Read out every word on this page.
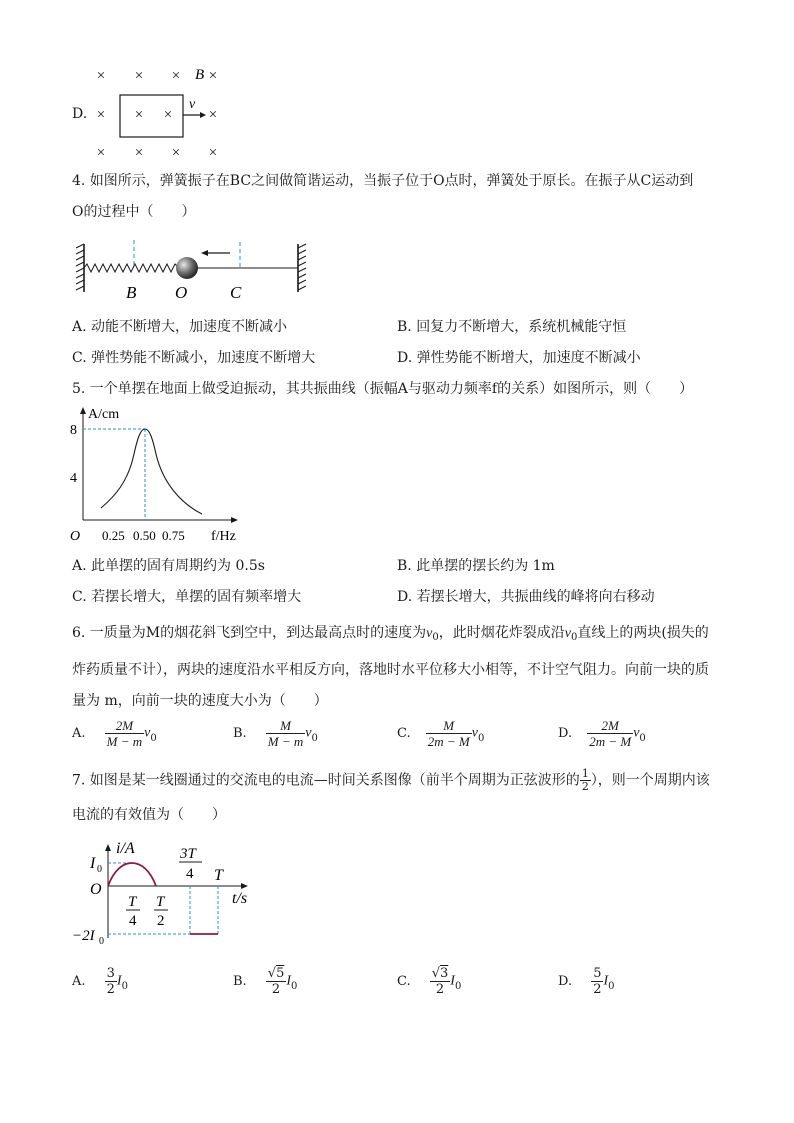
D.
× × × ×
× × × ×
× × × ×
B
v
4. 如图所示，弹簧振子在BC之间做简谐运动，当振子位于O点时，弹簧处于原长。在振子从C运动到
O的过程中（　　）
B O	C
A. 动能不断增大，加速度不断减小	B. 回复力不断增大，系统机械能守恒
C. 弹性势能不断减小，加速度不断增大	D. 弹性势能不断增大，加速度不断减小
5. 一个单摆在地面上做受迫振动，其共振曲线（振幅A与驱动力频率f的关系）如图所示，则（　　）
A/cm
8
4
O 0.25 0.50 0.75 f/Hz
A. 此单摆的固有周期约为 0.5s	B. 此单摆的摆长约为 1m
C. 若摆长增大，单摆的固有频率增大	D. 若摆长增大，共振曲线的峰将向右移动
6. 一质量为M的烟花斜飞到空中，到达最高点时的速度为$v_0$，此时烟花炸裂成沿$v_0$直线上的两块(损失的
炸药质量不计），两块的速度沿水平相反方向，落地时水平位移大小相等，不计空气阻力。向前一块的质
量为 m，向前一块的速度大小为（　　）
A. $\frac{2M}{M - m} v_0$	B. $\frac{M}{M - m} v_0$	C. $\frac{M}{2m - M} v_0$	D. $\frac{2M}{2m - M} v_0$
7. 如图是某一线圈通过的交流电的电流—时间关系图像（前半个周期为正弦波形的 $\frac{1}{2}$ ），则一个周期内该
电流的有效值为（　　）
i/A
I 0
O
−2I 0
T
4
T
2
3T
4 T
t/s
A. $\frac{3}{2} I_0$	B. $\frac{√5}{2} I_0$	C. $\frac{√3}{2} I_0$	D. $\frac{5}{2} I_0$
